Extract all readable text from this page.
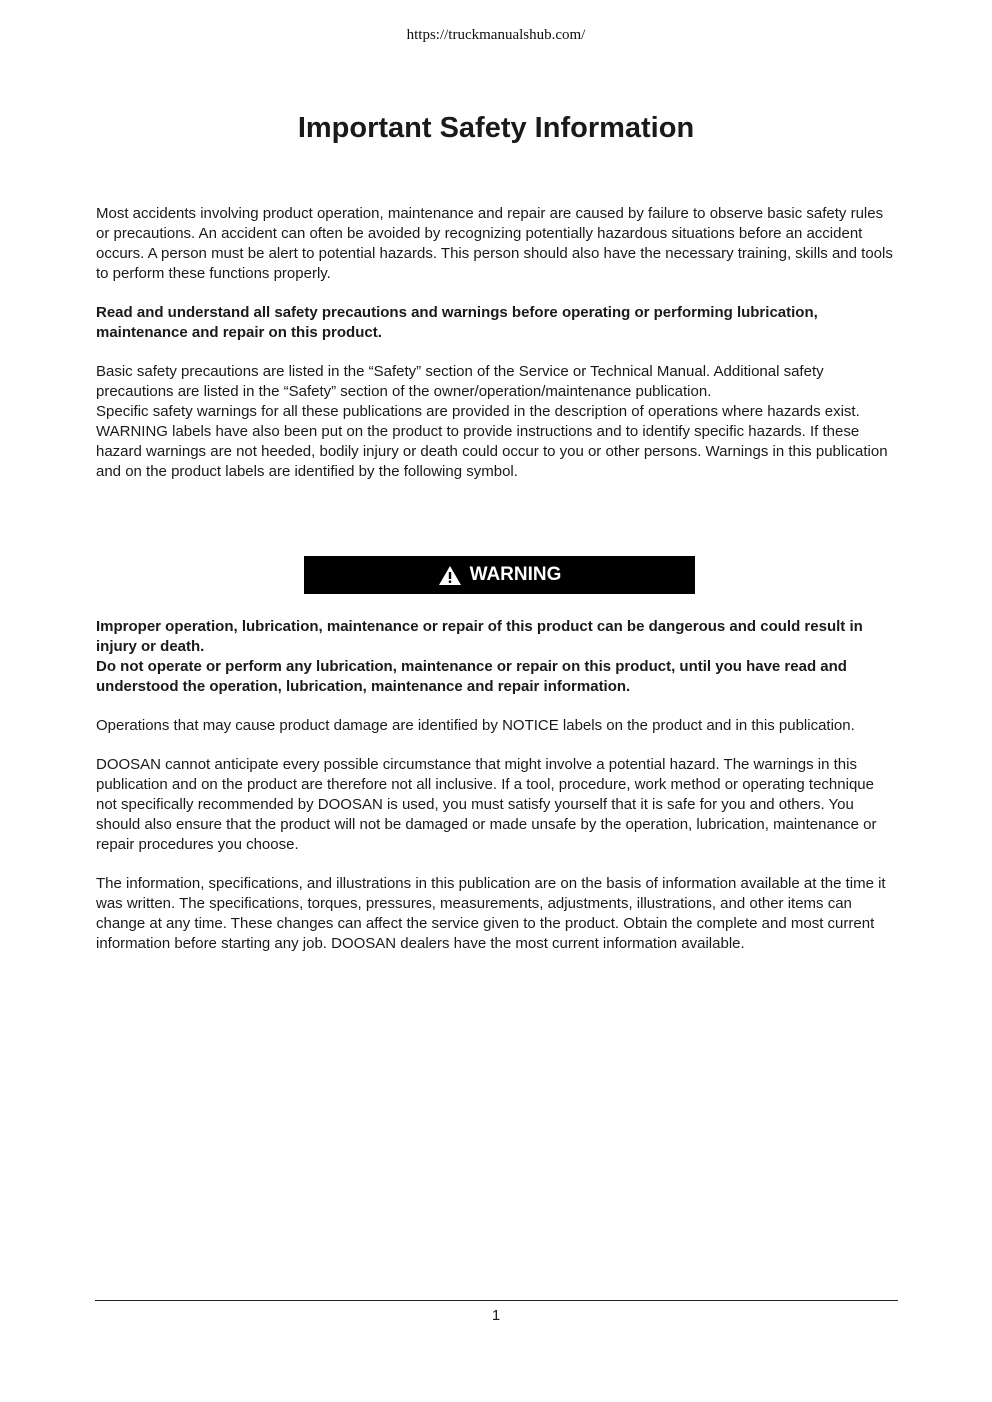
https://truckmanualshub.com/
Important Safety Information

Most accidents involving product operation, maintenance and repair are caused by failure to observe basic safety rules or precautions. An accident can often be avoided by recognizing potentially hazardous situations before an accident occurs. A person must be alert to potential hazards. This person should also have the necessary training, skills and tools to perform these functions properly.

Read and understand all safety precautions and warnings before operating or performing lubrication, maintenance and repair on this product.

Basic safety precautions are listed in the “Safety” section of the Service or Technical Manual. Additional safety precautions are listed in the “Safety” section of the owner/operation/maintenance publication.

Specific safety warnings for all these publications are provided in the description of operations where hazards exist. WARNING labels have also been put on the product to provide instructions and to identify specific hazards. If these hazard warnings are not heeded, bodily injury or death could occur to you or other persons. Warnings in this publication and on the product labels are identified by the following symbol.

WARNING

Improper operation, lubrication, maintenance or repair of this product can be dangerous and could result in injury or death.

Do not operate or perform any lubrication, maintenance or repair on this product, until you have read and understood the operation, lubrication, maintenance and repair information.

Operations that may cause product damage are identified by NOTICE labels on the product and in this publication.

DOOSAN cannot anticipate every possible circumstance that might involve a potential hazard. The warnings in this publication and on the product are therefore not all inclusive. If a tool, procedure, work method or operating technique not specifically recommended by DOOSAN is used, you must satisfy yourself that it is safe for you and others. You should also ensure that the product will not be damaged or made unsafe by the operation, lubrication, maintenance or repair procedures you choose.

The information, specifications, and illustrations in this publication are on the basis of information available at the time it was written. The specifications, torques, pressures, measurements, adjustments, illustrations, and other items can change at any time. These changes can affect the service given to the product. Obtain the complete and most current information before starting any job. DOOSAN dealers have the most current information available.

1
